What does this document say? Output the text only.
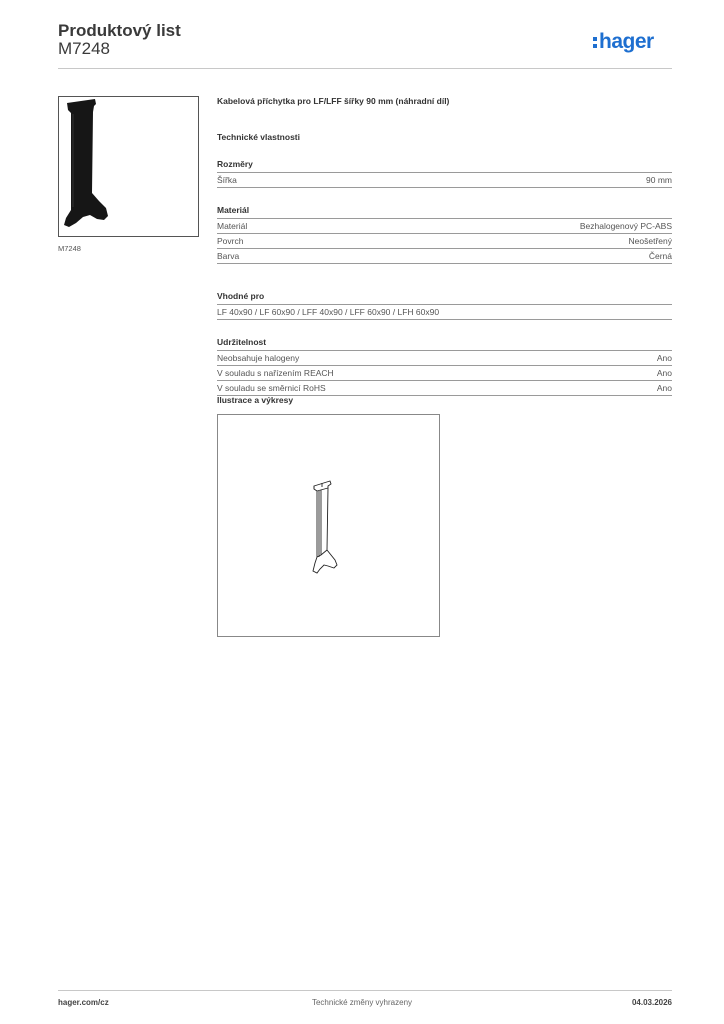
Produktový list
M7248	hager
M7248
Kabelová příchytka pro LF/LFF šířky 90 mm (náhradní díl)
Technické vlastnosti
Rozměry
Šířka	90 mm
Materiál
Materiál	Bezhalogenový PC-ABS
Povrch	Neošetřený
Barva	Černá
Vhodné pro
LF 40x90 / LF 60x90 / LFF 40x90 / LFF 60x90 / LFH 60x90
Udržitelnost
Neobsahuje halogeny	Ano
V souladu s nařízením REACH	Ano
V souladu se směrnicí RoHS	Ano
Ilustrace a výkresy
hager.com/cz	Technické změny vyhrazeny	04.03.2026
